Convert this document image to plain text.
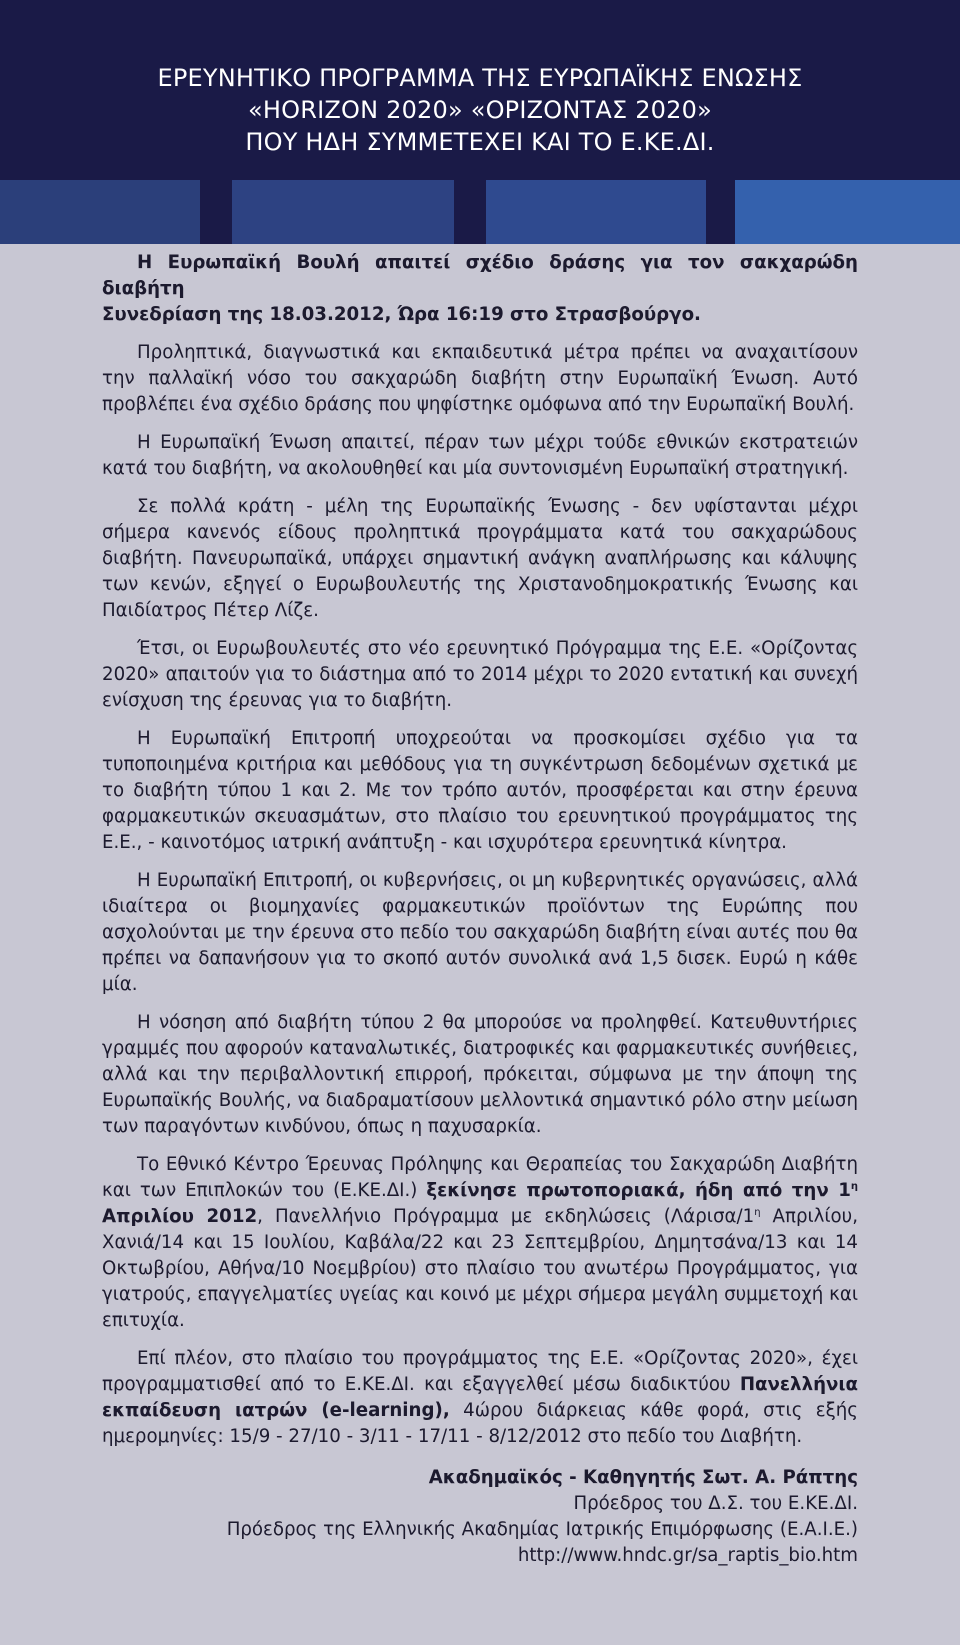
ΕΡΕΥΝΗΤΙΚΟ ΠΡΟΓΡΑΜΜΑ ΤΗΣ ΕΥΡΩΠΑΪΚΗΣ ΕΝΩΣΗΣ
«HORIZON 2020» «ΟΡΙΖΟΝΤΑΣ 2020»
ΠΟΥ ΗΔΗ ΣΥΜΜΕΤΕΧΕΙ ΚΑΙ ΤΟ Ε.ΚΕ.ΔΙ.

Η Ευρωπαϊκή Βουλή απαιτεί σχέδιο δράσης για τον σακχαρώδη διαβήτη
Συνεδρίαση της 18.03.2012, Ώρα 16:19 στο Στρασβούργο.

Προληπτικά, διαγνωστικά και εκπαιδευτικά μέτρα πρέπει να αναχαιτίσουν την παλλαϊκή νόσο του σακχαρώδη διαβήτη στην Ευρωπαϊκή Ένωση. Αυτό προβλέπει ένα σχέδιο δράσης που ψηφίστηκε ομόφωνα από την Ευρωπαϊκή Βουλή.

Η Ευρωπαϊκή Ένωση απαιτεί, πέραν των μέχρι τούδε εθνικών εκστρατειών κατά του διαβήτη, να ακολουθηθεί και μία συντονισμένη Ευρωπαϊκή στρατηγική.

Σε πολλά κράτη - μέλη της Ευρωπαϊκής Ένωσης - δεν υφίστανται μέχρι σήμερα κανενός είδους προληπτικά προγράμματα κατά του σακχαρώδους διαβήτη. Πανευρωπαϊκά, υπάρχει σημαντική ανάγκη αναπλήρωσης και κάλυψης των κενών, εξηγεί ο Ευρωβουλευτής της Χριστανοδημοκρατικής Ένωσης και Παιδίατρος Πέτερ Λίζε.

Έτσι, οι Ευρωβουλευτές στο νέο ερευνητικό Πρόγραμμα της Ε.Ε. «Ορίζοντας 2020» απαιτούν για το διάστημα από το 2014 μέχρι το 2020 εντατική και συνεχή ενίσχυση της έρευνας για το διαβήτη.

Η Ευρωπαϊκή Επιτροπή υποχρεούται να προσκομίσει σχέδιο για τα τυποποιημένα κριτήρια και μεθόδους για τη συγκέντρωση δεδομένων σχετικά με το διαβήτη τύπου 1 και 2. Με τον τρόπο αυτόν, προσφέρεται και στην έρευνα φαρμακευτικών σκευασμάτων, στο πλαίσιο του ερευνητικού προγράμματος της Ε.Ε., - καινοτόμος ιατρική ανάπτυξη - και ισχυρότερα ερευνητικά κίνητρα.

Η Ευρωπαϊκή Επιτροπή, οι κυβερνήσεις, οι μη κυβερνητικές οργανώσεις, αλλά ιδιαίτερα οι βιομηχανίες φαρμακευτικών προϊόντων της Ευρώπης που ασχολούνται με την έρευνα στο πεδίο του σακχαρώδη διαβήτη είναι αυτές που θα πρέπει να δαπανήσουν για το σκοπό αυτόν συνολικά ανά 1,5 δισεκ. Ευρώ η κάθε μία.

Η νόσηση από διαβήτη τύπου 2 θα μπορούσε να προληφθεί. Κατευθυντήριες γραμμές που αφορούν καταναλωτικές, διατροφικές και φαρμακευτικές συνήθειες, αλλά και την περιβαλλοντική επιρροή, πρόκειται, σύμφωνα με την άποψη της Ευρωπαϊκής Βουλής, να διαδραματίσουν μελλοντικά σημαντικό ρόλο στην μείωση των παραγόντων κινδύνου, όπως η παχυσαρκία.

Το Εθνικό Κέντρο Έρευνας Πρόληψης και Θεραπείας του Σακχαρώδη Διαβήτη και των Επιπλοκών του (Ε.ΚΕ.ΔΙ.) ξεκίνησε πρωτοποριακά, ήδη από την $1^\eta$ Απριλίου 2012, Πανελλήνιο Πρόγραμμα με εκδηλώσεις ($\Lambda ά\rho\iota\sigma\alpha/1^\eta$ Απριλίου, Χανιά/14 και 15 Ιουλίου, Καβάλα/22 και 23 Σεπτεμβρίου, Δημητσάνα/13 και 14 Οκτωβρίου, Αθήνα/10 Νοεμβρίου) στο πλαίσιο του ανωτέρω Προγράμματος, για γιατρούς, επαγγελματίες υγείας και κοινό με μέχρι σήμερα μεγάλη συμμετοχή και επιτυχία.

Επί πλέον, στο πλαίσιο του προγράμματος της Ε.Ε. «Ορίζοντας 2020», έχει προγραμματισθεί από το Ε.ΚΕ.ΔΙ. και εξαγγελθεί μέσω διαδικτύου Πανελλήνια εκπαίδευση ιατρών (e-learning), 4ώρου διάρκειας κάθε φορά, στις εξής ημερομηνίες: 15/9 - 27/10 - 3/11 - 17/11 - 8/12/2012 στο πεδίο του Διαβήτη.

Ακαδημαϊκός - Καθηγητής Σωτ. Α. Ράπτης
Πρόεδρος του Δ.Σ. του Ε.ΚΕ.ΔΙ.
Πρόεδρος της Ελληνικής Ακαδημίας Ιατρικής Επιμόρφωσης (Ε.Α.Ι.Ε.)
http://www.hndc.gr/sa_raptis_bio.htm
